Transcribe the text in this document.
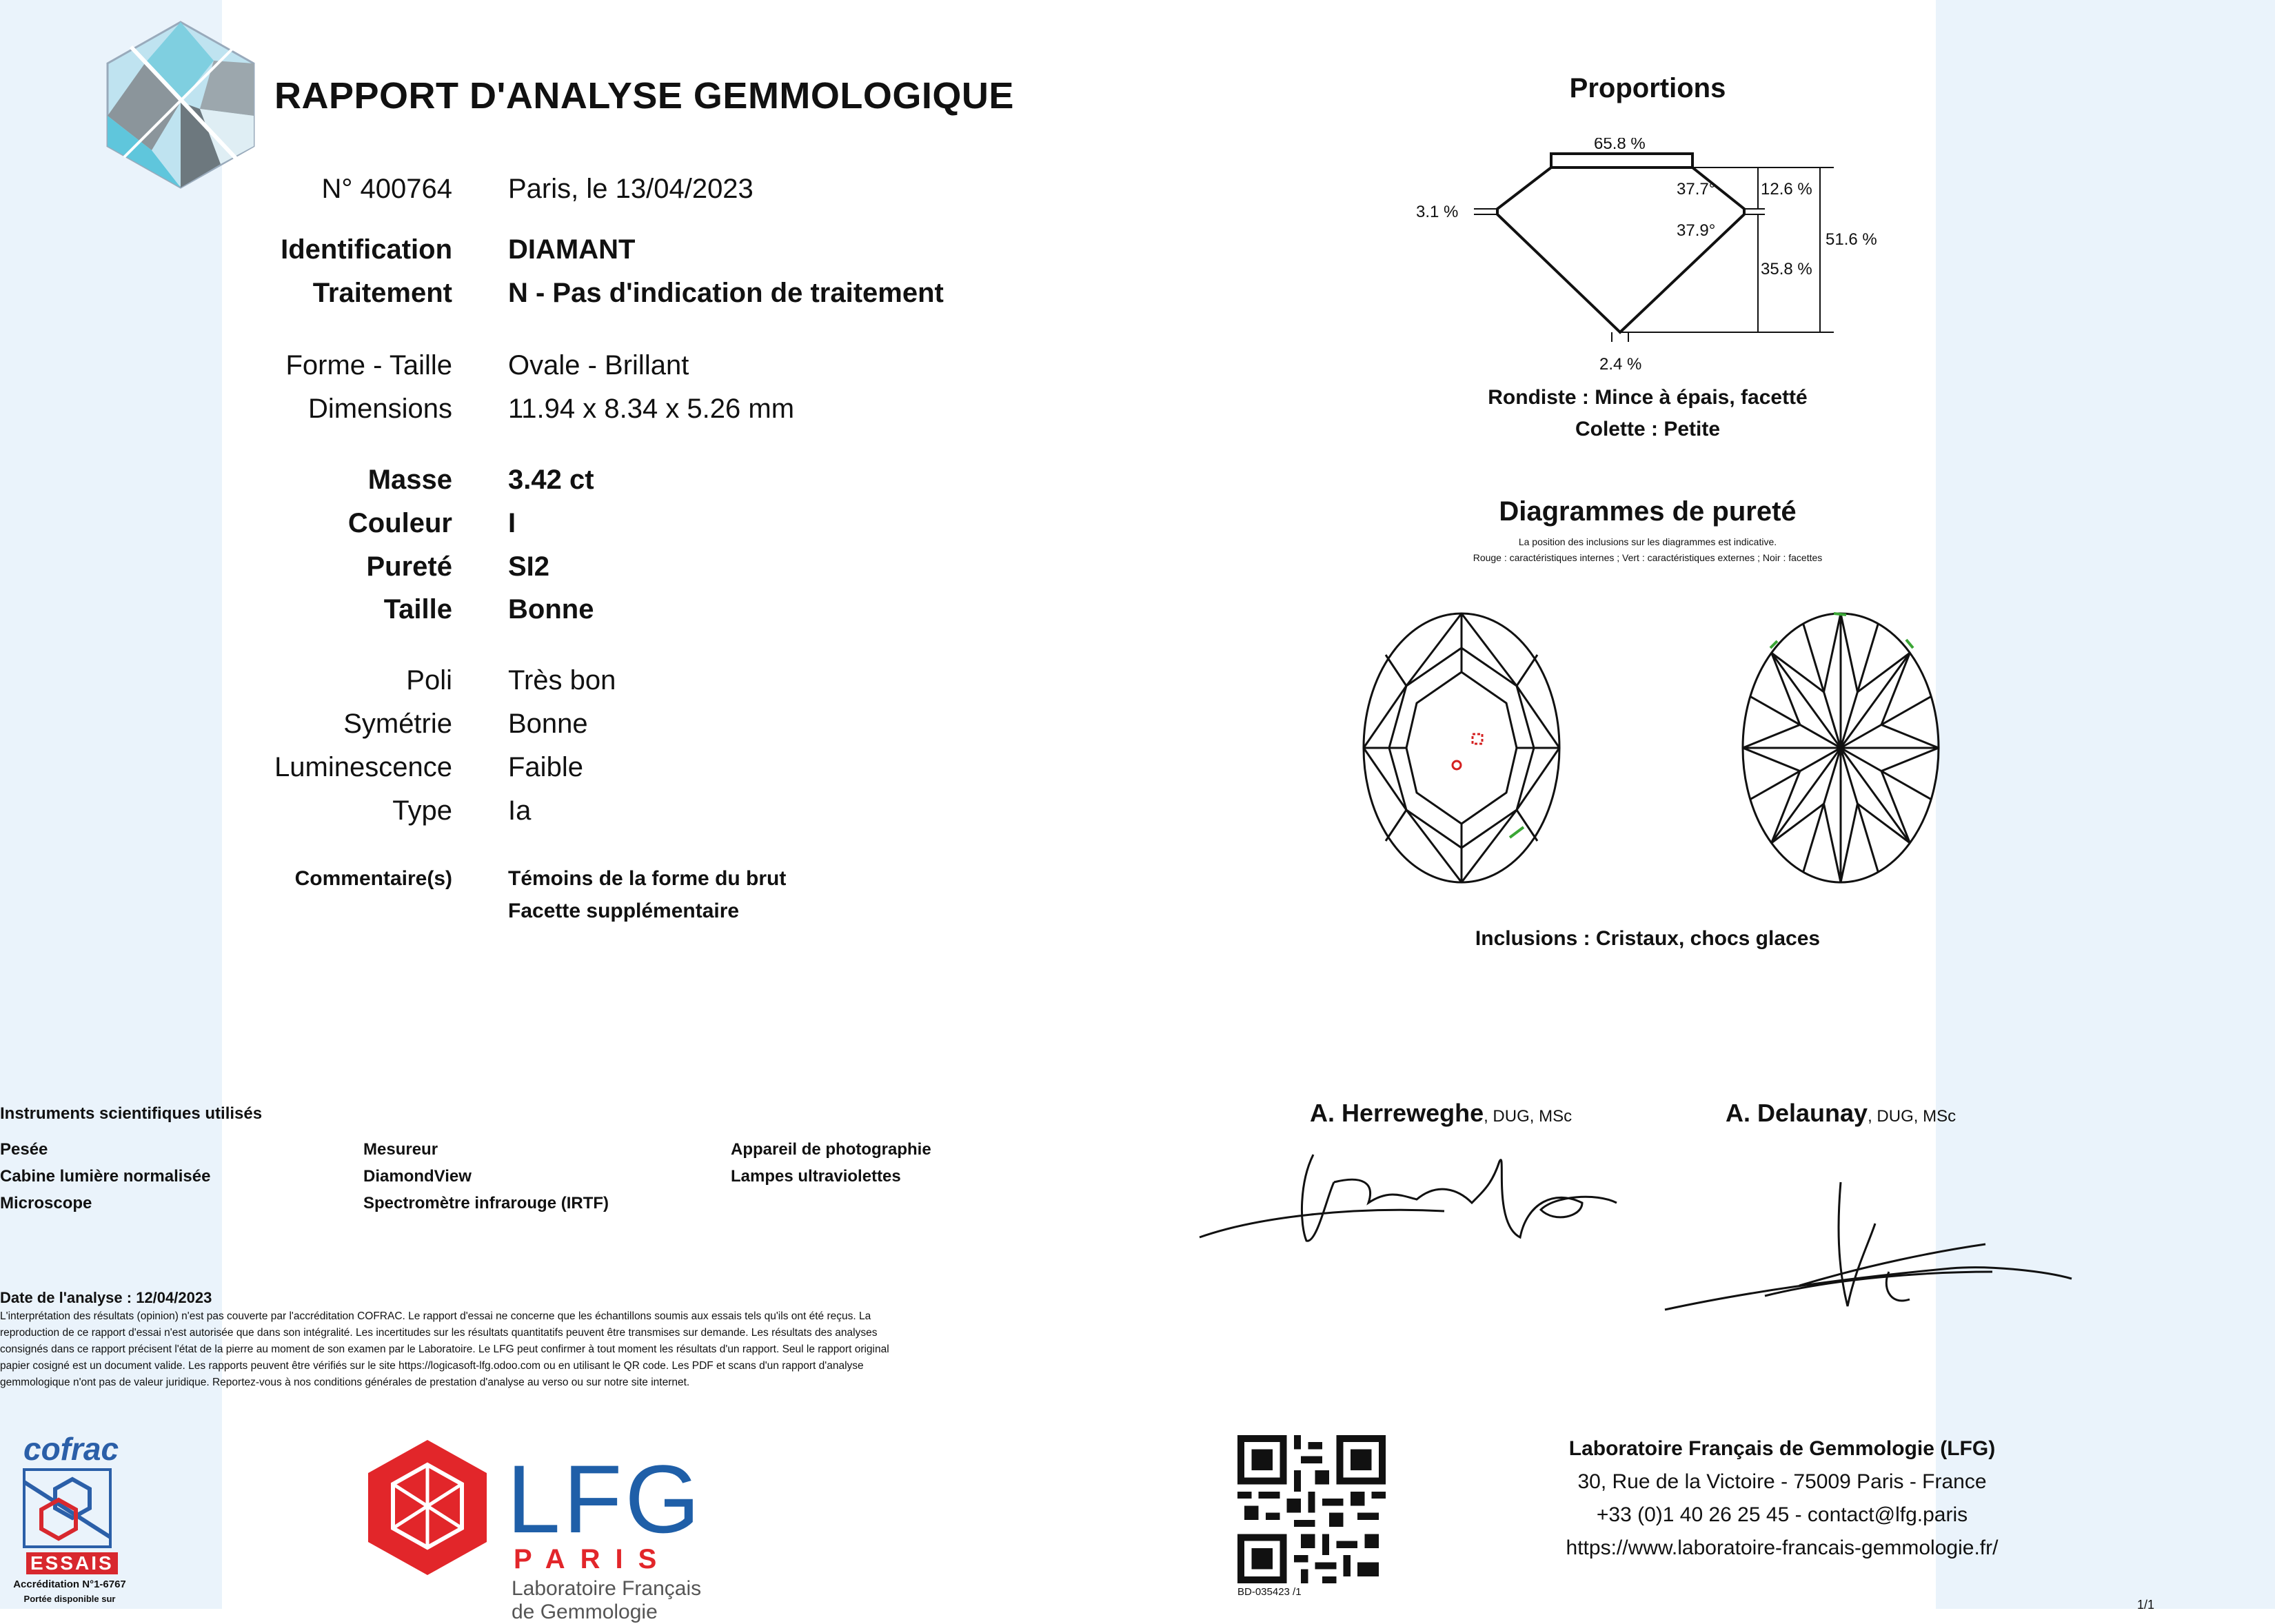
RAPPORT D'ANALYSE GEMMOLOGIQUE
N° 400764 Paris, le 13/04/2023
Identification DIAMANT
Traitement N - Pas d'indication de traitement
Forme - Taille Ovale - Brillant
Dimensions 11.94 x 8.34 x 5.26 mm
Masse 3.42 ct
Couleur I
Pureté SI2
Taille Bonne
Poli Très bon
Symétrie Bonne
Luminescence Faible
Type Ia
Commentaire(s)	Témoins de la forme du brut
Facette supplémentaire
Proportions
65.8 %
37.7°
37.9°
12.6 %
35.8 %
51.6 %
3.1 %
2.4 %
Rondiste : Mince à épais, facetté
Colette : Petite
Diagrammes de pureté
La position des inclusions sur les diagrammes est indicative.
Rouge : caractéristiques internes ; Vert : caractéristiques externes ; Noir : facettes
Inclusions : Cristaux, chocs glaces
Instruments scientifiques utilisés
Pesée
Cabine lumière normalisée
Microscope
Mesureur
DiamondView
Spectromètre infrarouge (IRTF)
Appareil de photographie
Lampes ultraviolettes
A. Herreweghe, DUG, MSc	A. Delaunay, DUG, MSc
Date de l'analyse : 12/04/2023
L'interprétation des résultats (opinion) n'est pas couverte par l'accréditation COFRAC. Le rapport d'essai ne concerne que les échantillons soumis aux essais tels qu'ils ont été reçus. La
reproduction de ce rapport d'essai n'est autorisée que dans son intégralité. Les incertitudes sur les résultats quantitatifs peuvent être transmises sur demande. Les résultats des analyses
consignés dans ce rapport précisent l'état de la pierre au moment de son examen par le Laboratoire. Le LFG peut confirmer à tout moment les résultats d'un rapport. Seul le rapport original
papier cosigné est un document valide. Les rapports peuvent être vérifiés sur le site https://logicasoft-lfg.odoo.com ou en utilisant le QR code. Les PDF et scans d'un rapport d'analyse
gemmologique n'ont pas de valeur juridique. Reportez-vous à nos conditions générales de prestation d'analyse au verso ou sur notre site internet.
cofrac
ESSAIS
Accréditation N°1-6767
Portée disponible sur
LFG
PARIS
Laboratoire Français
de Gemmologie
BD-035423 /1
Laboratoire Français de Gemmologie (LFG)
30, Rue de la Victoire - 75009 Paris - France
+33 (0)1 40 26 25 45 - contact@lfg.paris
https://www.laboratoire-francais-gemmologie.fr/
1/1
